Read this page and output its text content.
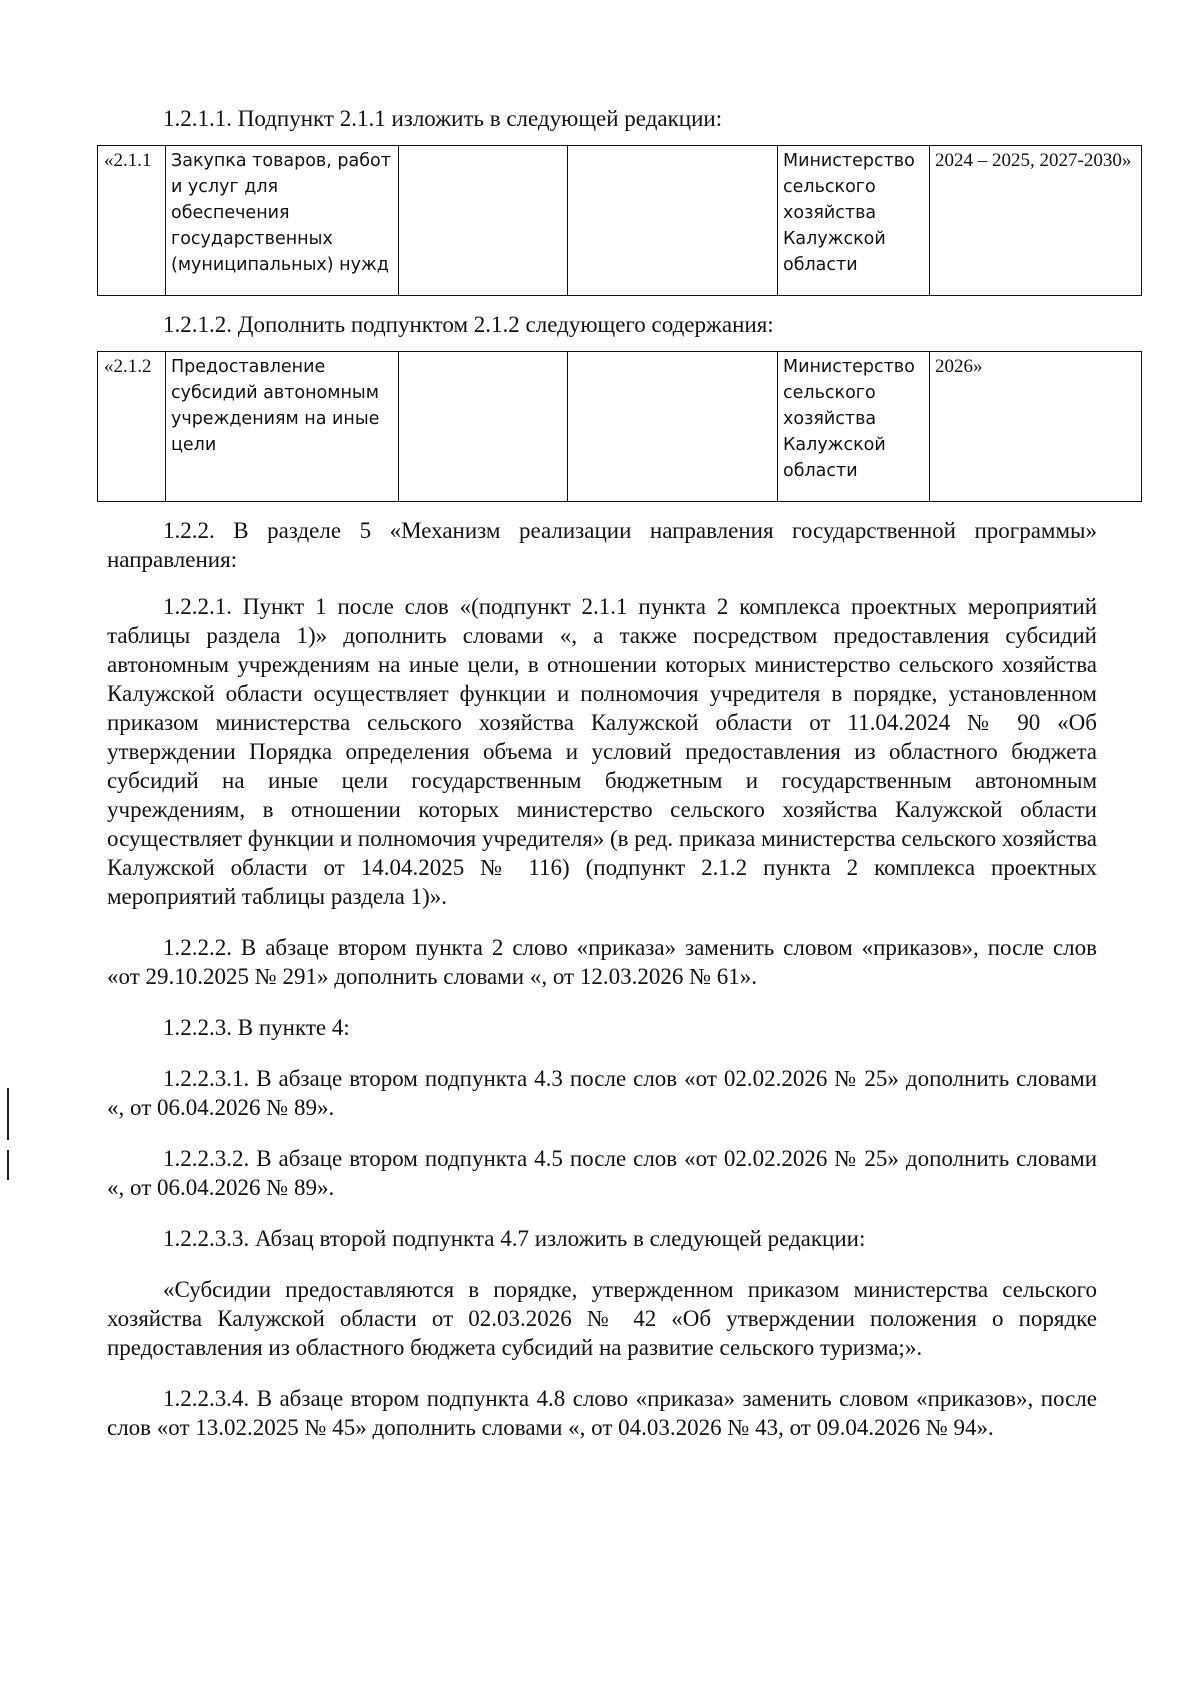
1.2.1.1. Подпункт 2.1.1 изложить в следующей редакции:

«2.1.1	Закупка товаров, работ и услуг для обеспечения государственных (муниципальных) нужд			Министерство сельского хозяйства Калужской области	2024 – 2025, 2027-2030»

1.2.1.2. Дополнить подпунктом 2.1.2 следующего содержания:

«2.1.2	Предоставление субсидий автономным учреждениям на иные цели			Министерство сельского хозяйства Калужской области	2026»

1.2.2. В разделе 5 «Механизм реализации направления государственной программы» направления:

1.2.2.1. Пункт 1 после слов «(подпункт 2.1.1 пункта 2 комплекса проектных мероприятий таблицы раздела 1)» дополнить словами «, а также посредством предоставления субсидий автономным учреждениям на иные цели, в отношении которых министерство сельского хозяйства Калужской области осуществляет функции и полномочия учредителя в порядке, установленном приказом министерства сельского хозяйства Калужской области от 11.04.2024 № 90 «Об утверждении Порядка определения объема и условий предоставления из областного бюджета субсидий на иные цели государственным бюджетным и государственным автономным учреждениям, в отношении которых министерство сельского хозяйства Калужской области осуществляет функции и полномочия учредителя» (в ред. приказа министерства сельского хозяйства Калужской области от 14.04.2025 № 116) (подпункт 2.1.2 пункта 2 комплекса проектных мероприятий таблицы раздела 1)».

1.2.2.2. В абзаце втором пункта 2 слово «приказа» заменить словом «приказов», после слов «от 29.10.2025 № 291» дополнить словами «, от 12.03.2026 № 61».

1.2.2.3. В пункте 4:

1.2.2.3.1. В абзаце втором подпункта 4.3 после слов «от 02.02.2026 № 25» дополнить словами «, от 06.04.2026 № 89».

1.2.2.3.2. В абзаце втором подпункта 4.5 после слов «от 02.02.2026 № 25» дополнить словами «, от 06.04.2026 № 89».

1.2.2.3.3. Абзац второй подпункта 4.7 изложить в следующей редакции:

«Субсидии предоставляются в порядке, утвержденном приказом министерства сельского хозяйства Калужской области от 02.03.2026 № 42 «Об утверждении положения о порядке предоставления из областного бюджета субсидий на развитие сельского туризма;».

1.2.2.3.4. В абзаце втором подпункта 4.8 слово «приказа» заменить словом «приказов», после слов «от 13.02.2025 № 45» дополнить словами «, от 04.03.2026 № 43, от 09.04.2026 № 94».
